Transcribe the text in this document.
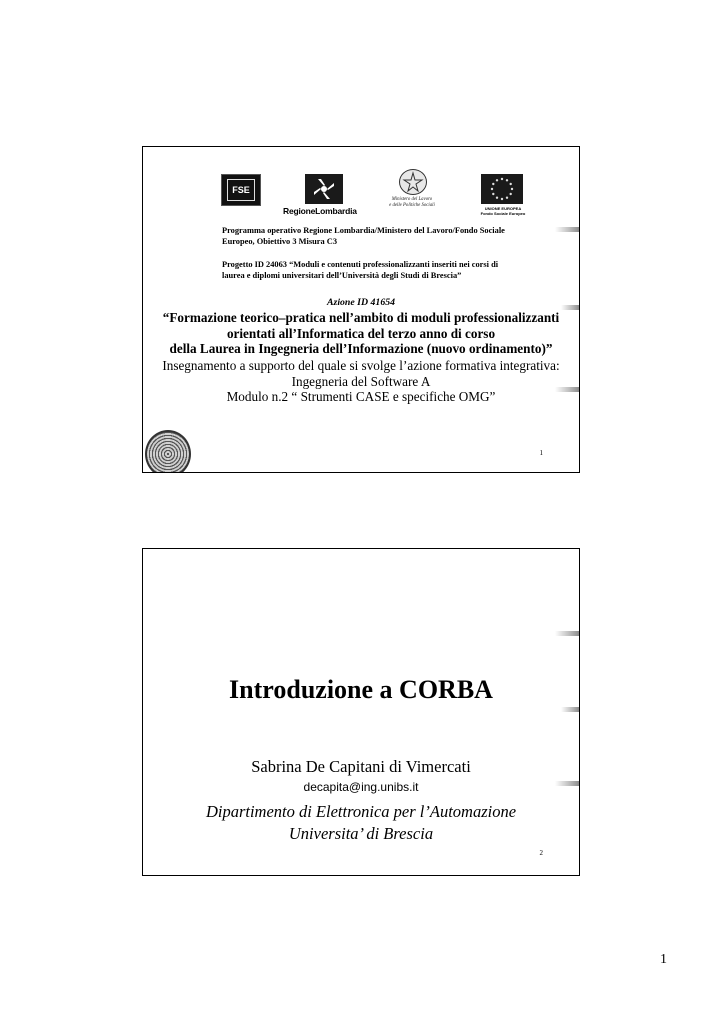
FSE
RegioneLombardia
Ministero del Lavoro
e delle Politiche Sociali
UNIONE EUROPEA
Fondo Sociale Europeo
Programma operativo Regione Lombardia/Ministero del Lavoro/Fondo Sociale Europeo, Obiettivo 3 Misura C3
Progetto ID 24063 “Moduli e contenuti professionalizzanti inseriti nei corsi di laurea e diplomi universitari dell’Università degli Studi di Brescia”
Azione ID 41654
“Formazione teorico–pratica nell’ambito di moduli professionalizzanti
orientati all’Informatica del terzo anno di corso
della Laurea in Ingegneria dell’Informazione (nuovo ordinamento)”
Insegnamento a supporto del quale si svolge l’azione formativa integrativa:
Ingegneria del Software A
Modulo n.2 “ Strumenti CASE e specifiche OMG”
1
Introduzione a CORBA
Sabrina De Capitani di Vimercati
decapita@ing.unibs.it
Dipartimento di Elettronica per l’Automazione
Universita’ di Brescia
2
1
